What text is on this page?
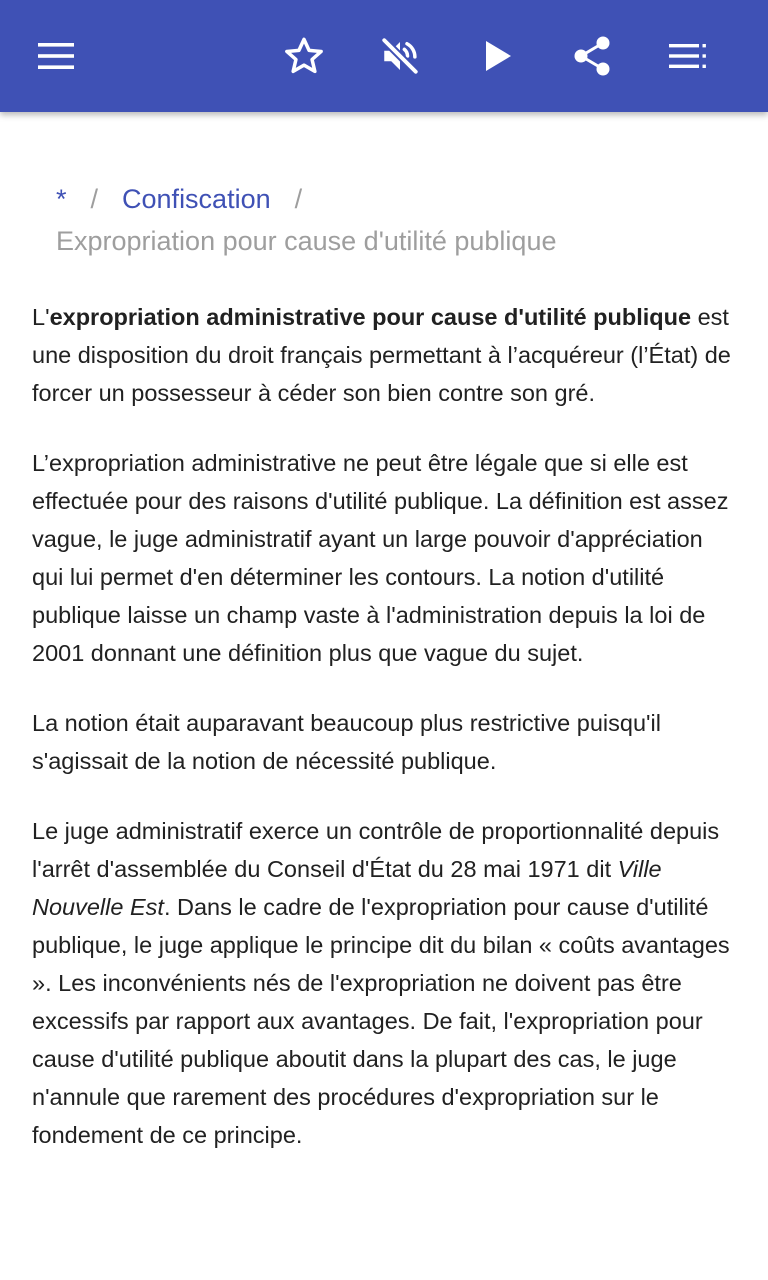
* / Confiscation /
Expropriation pour cause d'utilité publique

L'expropriation administrative pour cause d'utilité publique est une disposition du droit français permettant à l’acquéreur (l’État) de forcer un possesseur à céder son bien contre son gré.

L’expropriation administrative ne peut être légale que si elle est effectuée pour des raisons d'utilité publique. La définition est assez vague, le juge administratif ayant un large pouvoir d'appréciation qui lui permet d'en déterminer les contours. La notion d'utilité publique laisse un champ vaste à l'administration depuis la loi de 2001 donnant une définition plus que vague du sujet.

La notion était auparavant beaucoup plus restrictive puisqu'il s'agissait de la notion de nécessité publique.

Le juge administratif exerce un contrôle de proportionnalité depuis l'arrêt d'assemblée du Conseil d'État du 28 mai 1971 dit Ville Nouvelle Est. Dans le cadre de l'expropriation pour cause d'utilité publique, le juge applique le principe dit du bilan « coûts avantages ». Les inconvénients nés de l'expropriation ne doivent pas être excessifs par rapport aux avantages. De fait, l'expropriation pour cause d'utilité publique aboutit dans la plupart des cas, le juge n'annule que rarement des procédures d'expropriation sur le fondement de ce principe.
